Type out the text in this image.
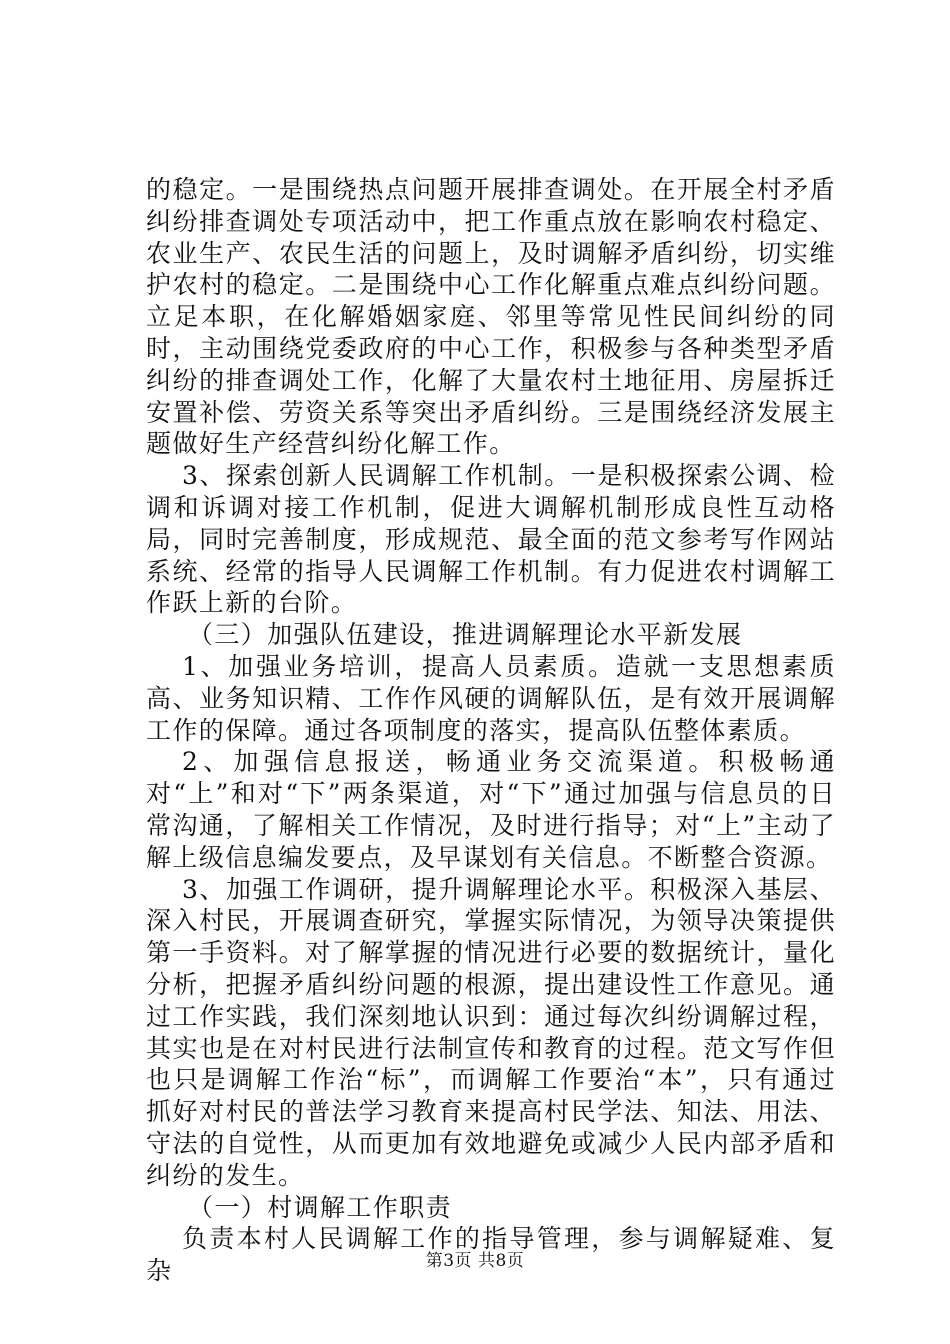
的稳定。一是围绕热点问题开展排查调处。在开展全村矛盾纠纷排查调处专项活动中，把工作重点放在影响农村稳定、农业生产、农民生活的问题上，及时调解矛盾纠纷，切实维护农村的稳定。二是围绕中心工作化解重点难点纠纷问题。立足本职，在化解婚姻家庭、邻里等常见性民间纠纷的同时，主动围绕党委政府的中心工作，积极参与各种类型矛盾纠纷的排查调处工作，化解了大量农村土地征用、房屋拆迁安置补偿、劳资关系等突出矛盾纠纷。三是围绕经济发展主题做好生产经营纠纷化解工作。

3、探索创新人民调解工作机制。一是积极探索公调、检调和诉调对接工作机制，促进大调解机制形成良性互动格局，同时完善制度，形成规范、最全面的范文参考写作网站系统、经常的指导人民调解工作机制。有力促进农村调解工作跃上新的台阶。

（三）加强队伍建设，推进调解理论水平新发展

1、加强业务培训，提高人员素质。造就一支思想素质高、业务知识精、工作作风硬的调解队伍，是有效开展调解工作的保障。通过各项制度的落实，提高队伍整体素质。

2、加强信息报送，畅通业务交流渠道。积极畅通对“上”和对“下”两条渠道，对“下”通过加强与信息员的日常沟通，了解相关工作情况，及时进行指导；对“上”主动了解上级信息编发要点，及早谋划有关信息。不断整合资源。

3、加强工作调研，提升调解理论水平。积极深入基层、深入村民，开展调查研究，掌握实际情况，为领导决策提供第一手资料。对了解掌握的情况进行必要的数据统计，量化分析，把握矛盾纠纷问题的根源，提出建设性工作意见。通过工作实践，我们深刻地认识到：通过每次纠纷调解过程，其实也是在对村民进行法制宣传和教育的过程。范文写作但也只是调解工作治“标”，而调解工作要治“本”，只有通过抓好对村民的普法学习教育来提高村民学法、知法、用法、守法的自觉性，从而更加有效地避免或减少人民内部矛盾和纠纷的发生。

（一）村调解工作职责

负责本村人民调解工作的指导管理，参与调解疑难、复杂	第3页 共8页
